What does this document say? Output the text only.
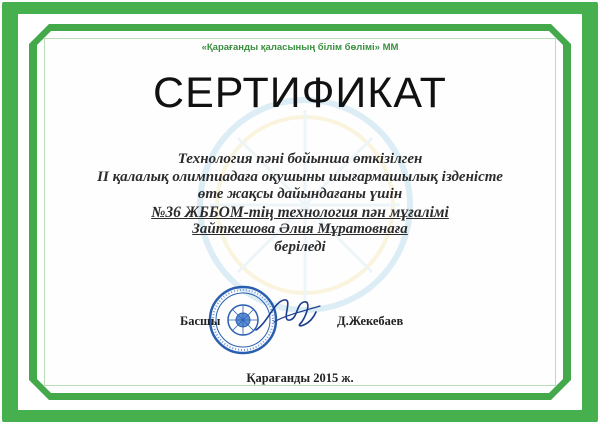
«Қарағанды қаласының білім бөлімі» ММ
СЕРТИФИКАТ
Технология пәні бойынша өткізілген
II қалалық олимпиадаға оқушыны шығармашылық ізденісте
өте жақсы дайындағаны үшін
№36 ЖББОМ-тің технология пән мұғалімі
Зайткешова Әлия Мұратовнаға
беріледі
Басшы	Д.Жекебаев
Қарағанды 2015 ж.
